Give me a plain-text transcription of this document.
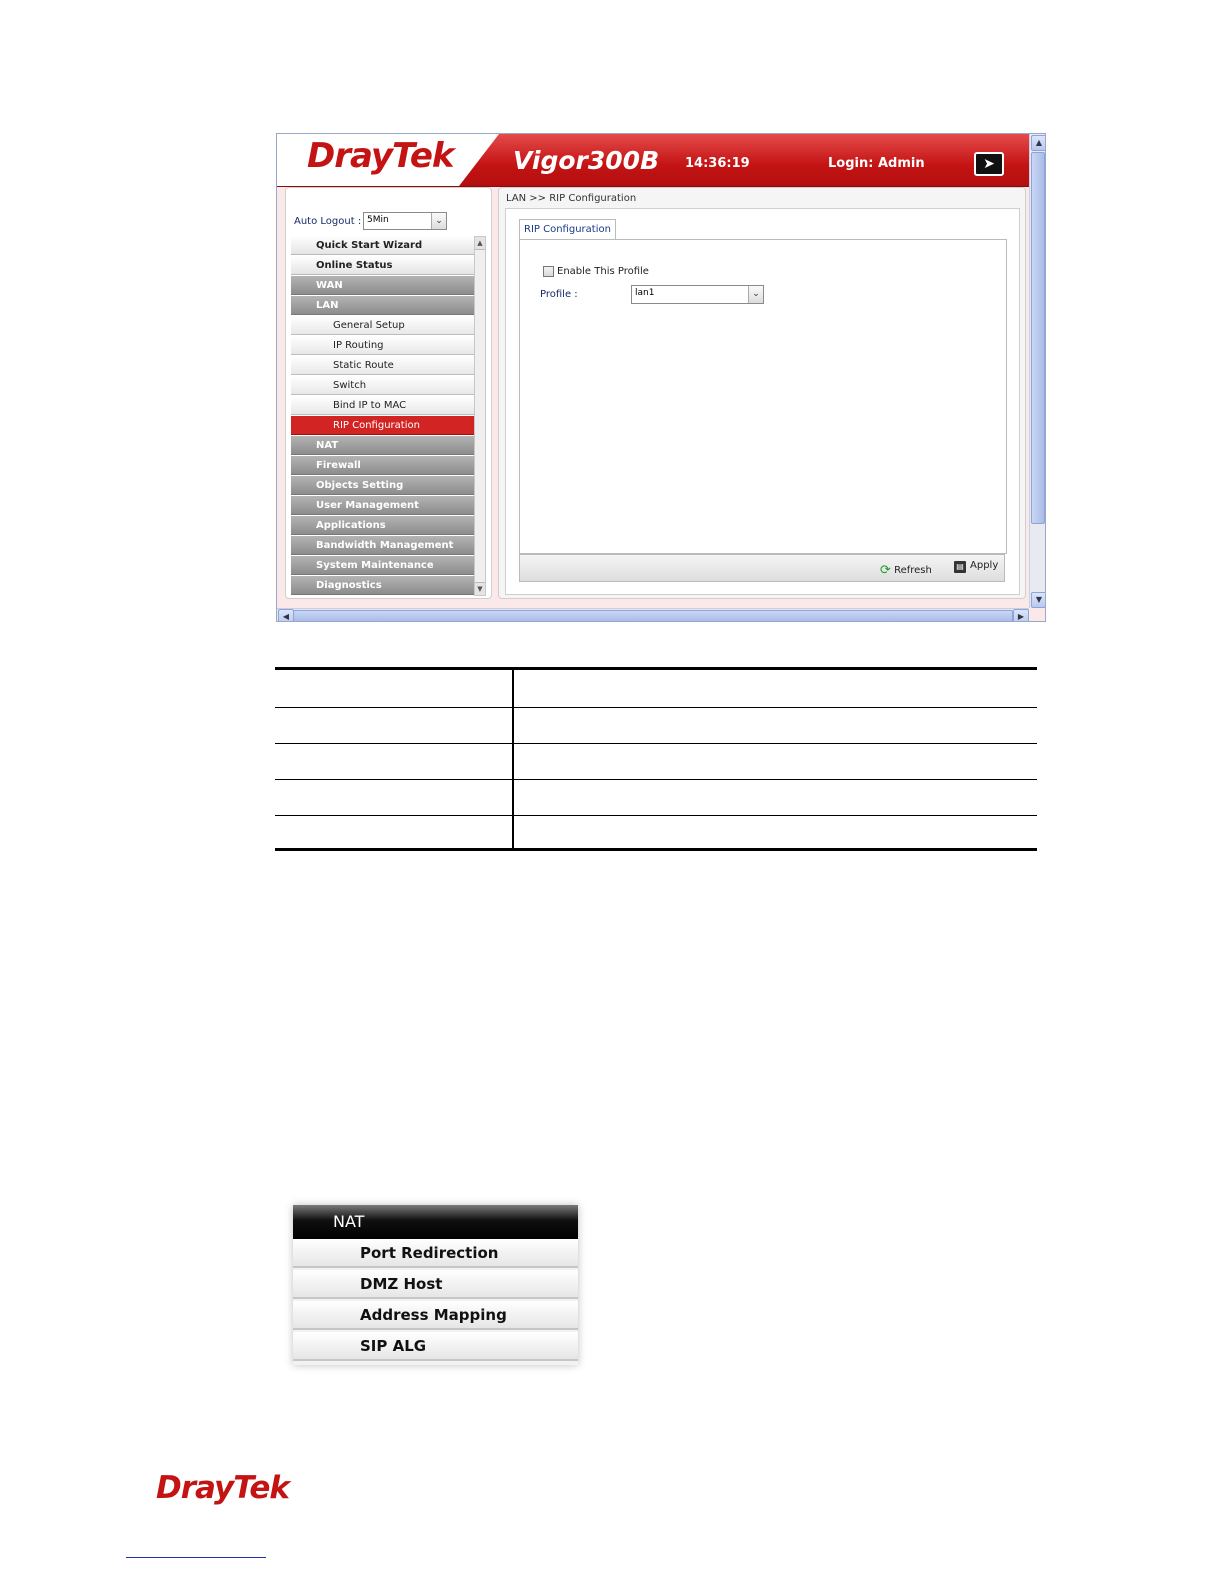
DrayTek Vigor300B 14:36:19	Login: Admin	➤
▲
▼
◀	▶
Auto Logout : 5Min	⌄
Quick Start Wizard
Online Status
WAN
LAN
General Setup
IP Routing
Static Route
Switch
Bind IP to MAC
RIP Configuration
NAT
Firewall
Objects Setting
User Management
Applications
Bandwidth Management
System Maintenance
Diagnostics
▲
▼
LAN >> RIP Configuration
RIP Configuration
Enable This Profile
Profile :	lan1	⌄
⟳ Refresh	▤ Apply
NAT
Port Redirection
DMZ Host
Address Mapping
SIP ALG
DrayTek
